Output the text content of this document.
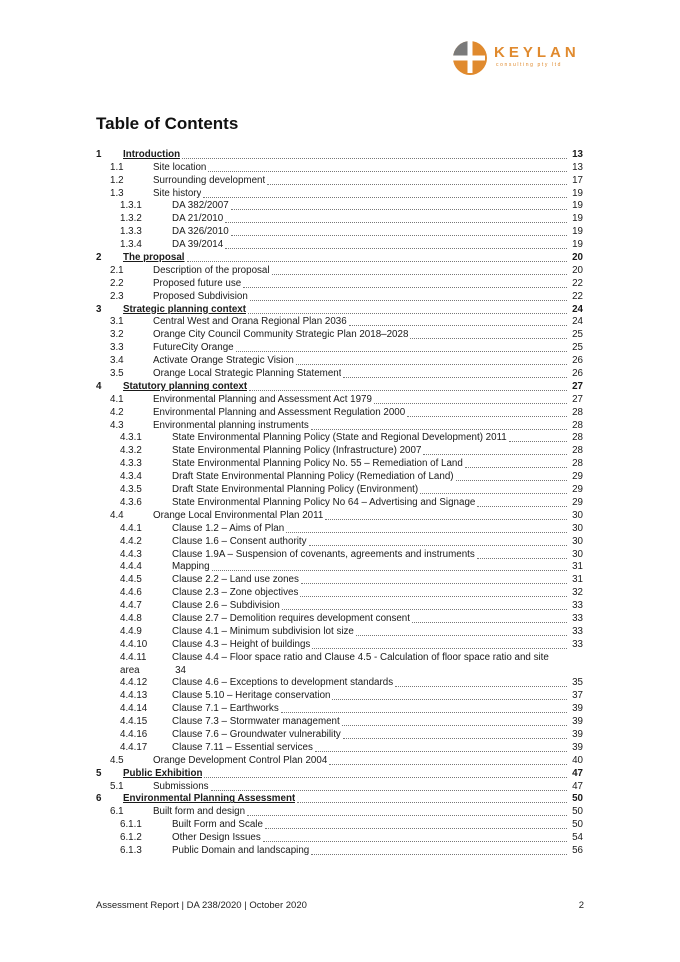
KEYLAN
consulting pty ltd
Table of Contents
1	Introduction	13
1.1	Site location	13
1.2	Surrounding development	17
1.3	Site history	19
1.3.1	DA 382/2007	19
1.3.2	DA 21/2010	19
1.3.3	DA 326/2010	19
1.3.4	DA 39/2014	19
2	The proposal	20
2.1	Description of the proposal	20
2.2	Proposed future use	22
2.3	Proposed Subdivision	22
3	Strategic planning context	24
3.1	Central West and Orana Regional Plan 2036	24
3.2	Orange City Council Community Strategic Plan 2018–2028	25
3.3	FutureCity Orange	25
3.4	Activate Orange Strategic Vision	26
3.5	Orange Local Strategic Planning Statement	26
4	Statutory planning context	27
4.1	Environmental Planning and Assessment Act 1979	27
4.2	Environmental Planning and Assessment Regulation 2000	28
4.3	Environmental planning instruments	28
4.3.1	State Environmental Planning Policy (State and Regional Development) 2011	28
4.3.2	State Environmental Planning Policy (Infrastructure) 2007	28
4.3.3	State Environmental Planning Policy No. 55 – Remediation of Land	28
4.3.4	Draft State Environmental Planning Policy (Remediation of Land)	29
4.3.5	Draft State Environmental Planning Policy (Environment)	29
4.3.6	State Environmental Planning Policy No 64 – Advertising and Signage	29
4.4	Orange Local Environmental Plan 2011	30
4.4.1	Clause 1.2 – Aims of Plan	30
4.4.2	Clause 1.6 – Consent authority	30
4.4.3	Clause 1.9A – Suspension of covenants, agreements and instruments	30
4.4.4	Mapping	31
4.4.5	Clause 2.2 – Land use zones	31
4.4.6	Clause 2.3 – Zone objectives	32
4.4.7	Clause 2.6 – Subdivision	33
4.4.8	Clause 2.7 – Demolition requires development consent	33
4.4.9	Clause 4.1 – Minimum subdivision lot size	33
4.4.10	Clause 4.3 – Height of buildings	33
4.4.11	Clause 4.4 – Floor space ratio and Clause 4.5 - Calculation of floor space ratio and site
area	34
4.4.12	Clause 4.6 – Exceptions to development standards	35
4.4.13	Clause 5.10 – Heritage conservation	37
4.4.14	Clause 7.1 – Earthworks	39
4.4.15	Clause 7.3 – Stormwater management	39
4.4.16	Clause 7.6 – Groundwater vulnerability	39
4.4.17	Clause 7.11 – Essential services	39
4.5	Orange Development Control Plan 2004	40
5	Public Exhibition	47
5.1	Submissions	47
6	Environmental Planning Assessment	50
6.1	Built form and design	50
6.1.1	Built Form and Scale	50
6.1.2	Other Design Issues	54
6.1.3	Public Domain and landscaping	56
Assessment Report | DA 238/2020 | October 2020	2
